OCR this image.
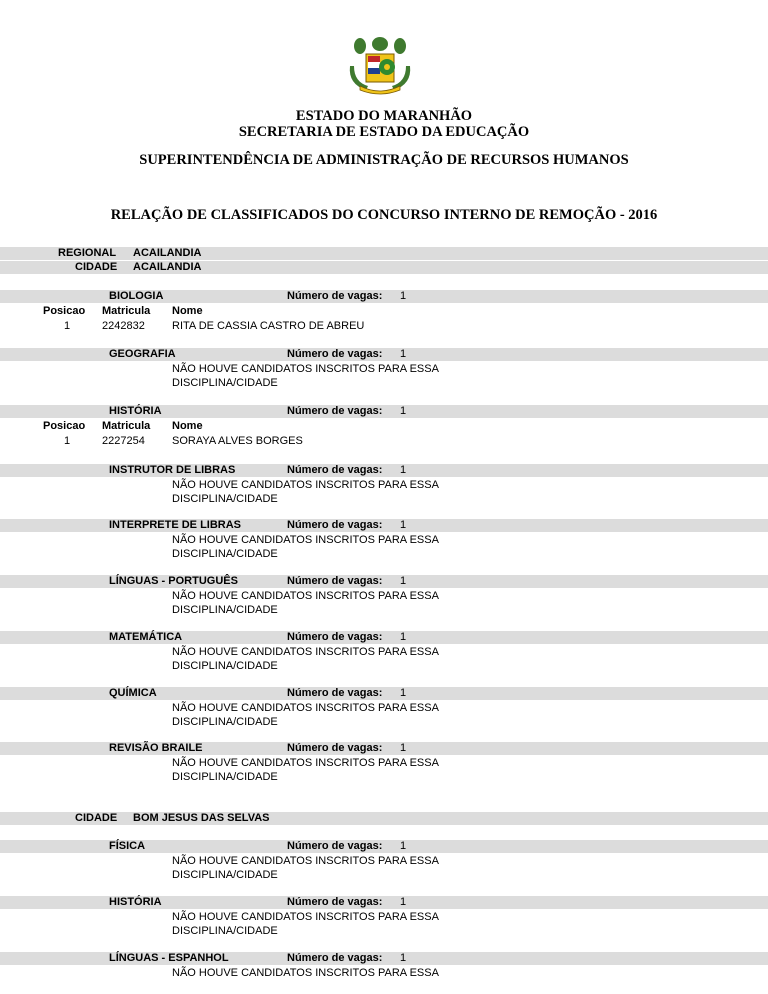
ESTADO DO MARANHÃO
SECRETARIA DE ESTADO DA EDUCAÇÃO
SUPERINTENDÊNCIA DE ADMINISTRAÇÃO DE RECURSOS HUMANOS
RELAÇÃO DE CLASSIFICADOS DO CONCURSO INTERNO DE REMOÇÃO - 2016
REGIONAL ACAILANDIA
CIDADE ACAILANDIA
BIOLOGIA	Número de vagas: 1
Posicao Matricula Nome
1	2242832 RITA DE CASSIA CASTRO DE ABREU
GEOGRAFIA	Número de vagas: 1
NÃO HOUVE CANDIDATOS INSCRITOS PARA ESSA
DISCIPLINA/CIDADE
HISTÓRIA	Número de vagas: 1
Posicao Matricula Nome
1	2227254 SORAYA ALVES BORGES
INSTRUTOR DE LIBRAS	Número de vagas: 1
NÃO HOUVE CANDIDATOS INSCRITOS PARA ESSA
DISCIPLINA/CIDADE
INTERPRETE DE LIBRAS	Número de vagas: 1
NÃO HOUVE CANDIDATOS INSCRITOS PARA ESSA
DISCIPLINA/CIDADE
LÍNGUAS - PORTUGUÊS	Número de vagas: 1
NÃO HOUVE CANDIDATOS INSCRITOS PARA ESSA
DISCIPLINA/CIDADE
MATEMÁTICA	Número de vagas: 1
NÃO HOUVE CANDIDATOS INSCRITOS PARA ESSA
DISCIPLINA/CIDADE
QUÍMICA	Número de vagas: 1
NÃO HOUVE CANDIDATOS INSCRITOS PARA ESSA
DISCIPLINA/CIDADE
REVISÃO BRAILE	Número de vagas: 1
NÃO HOUVE CANDIDATOS INSCRITOS PARA ESSA
DISCIPLINA/CIDADE
CIDADE BOM JESUS DAS SELVAS
FÍSICA	Número de vagas: 1
NÃO HOUVE CANDIDATOS INSCRITOS PARA ESSA
DISCIPLINA/CIDADE
HISTÓRIA	Número de vagas: 1
NÃO HOUVE CANDIDATOS INSCRITOS PARA ESSA
DISCIPLINA/CIDADE
LÍNGUAS - ESPANHOL	Número de vagas: 1
NÃO HOUVE CANDIDATOS INSCRITOS PARA ESSA
